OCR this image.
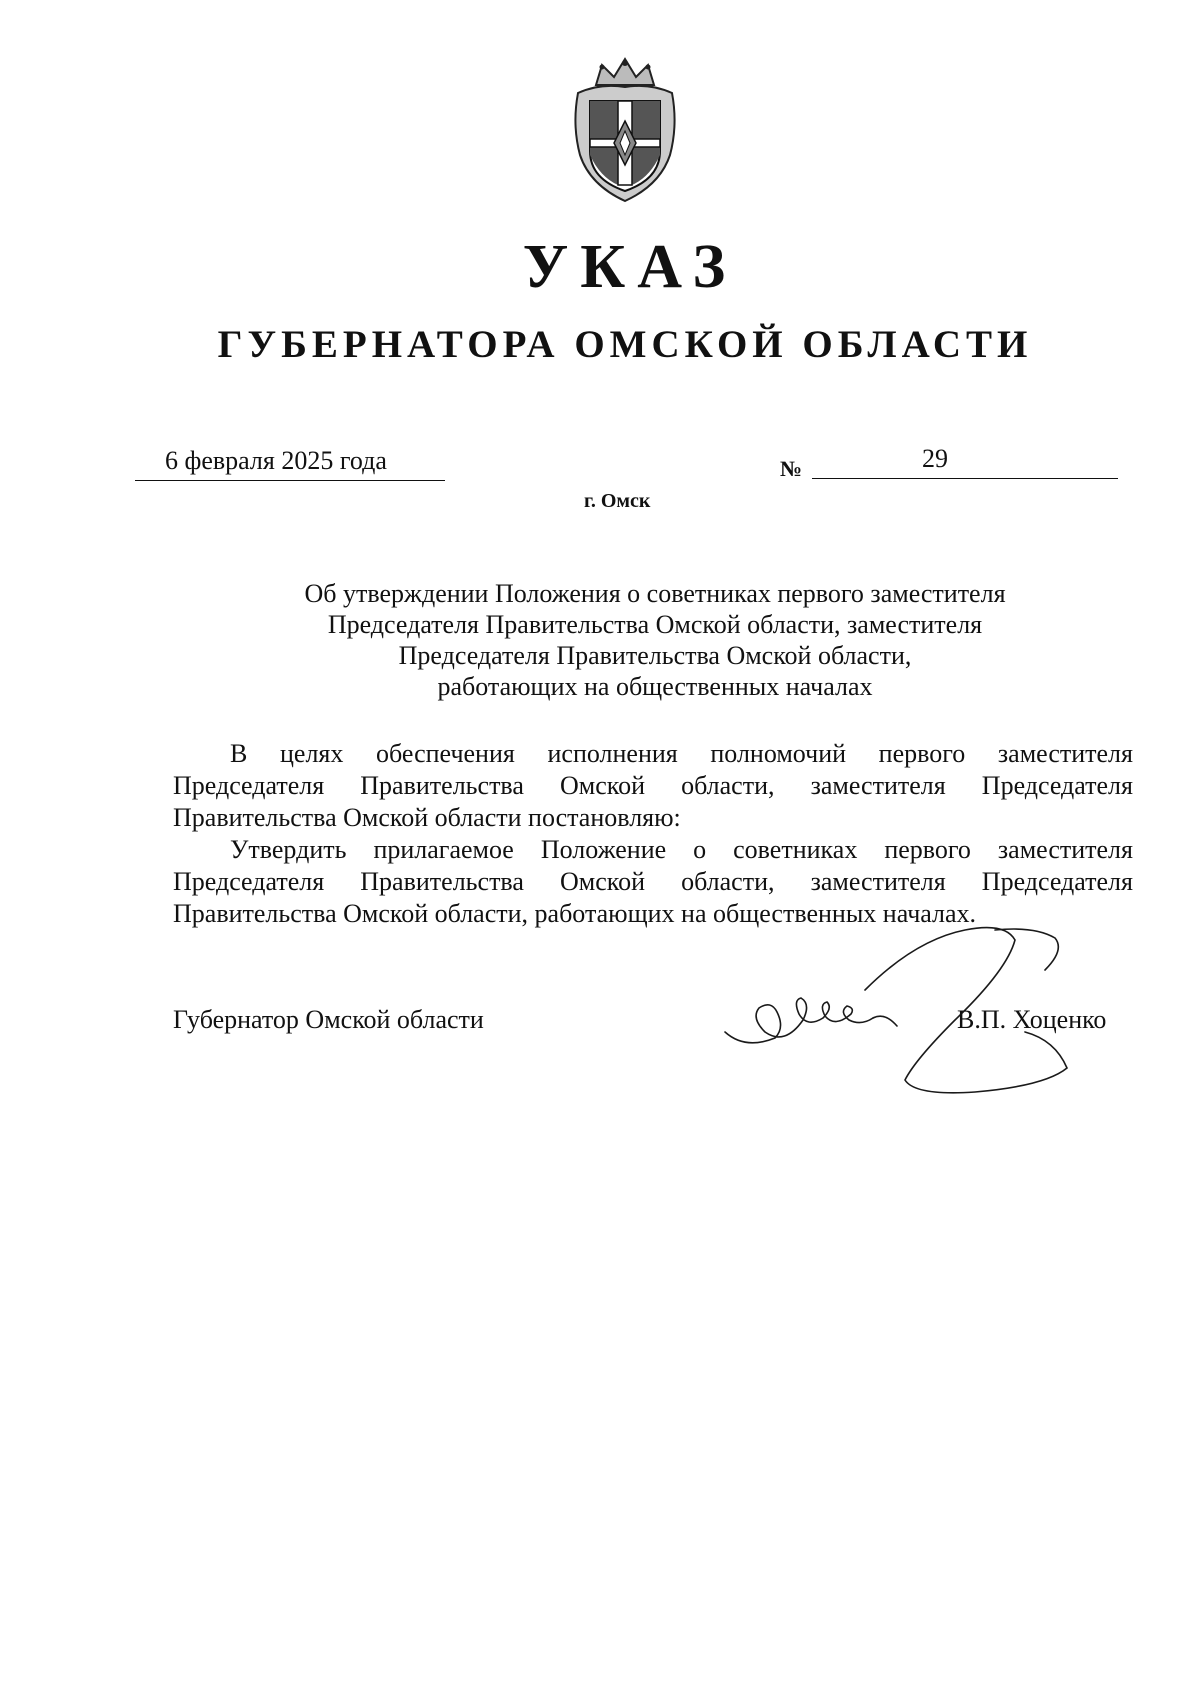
УКАЗ
ГУБЕРНАТОРА ОМСКОЙ ОБЛАСТИ
6 февраля 2025 года	№	29
г. Омск
Об утверждении Положения о советниках первого заместителя
Председателя Правительства Омской области, заместителя
Председателя Правительства Омской области,
работающих на общественных началах

В целях обеспечения исполнения полномочий первого заместителя Председателя Правительства Омской области, заместителя Председателя Правительства Омской области постановляю:

Утвердить прилагаемое Положение о советниках первого заместителя Председателя Правительства Омской области, заместителя Председателя Правительства Омской области, работающих на общественных началах.

Губернатор Омской области	В.П. Хоценко
